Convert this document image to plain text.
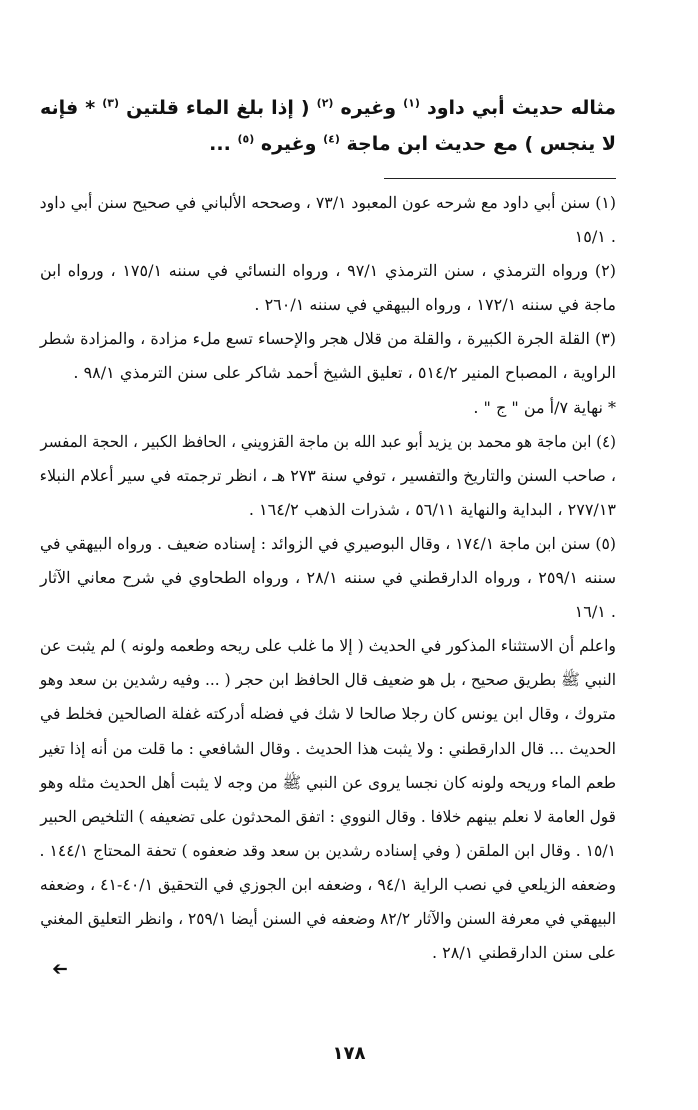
مثاله حديث أبي داود $^{(١)}$ وغيره $^{(٢)}$ ( إذا بلغ الماء قلتين $^{(٣)}$ * فإنه لا ينجس ) مع حديث ابن ماجة $^{(٤)}$ وغيره $^{(٥)}$ ...
(١) سنن أبي داود مع شرحه عون المعبود ٧٣/١ ، وصححه الألباني في صحيح سنن أبي داود
. ١٥/١
(٢) ورواه الترمذي ، سنن الترمذي ٩٧/١ ، ورواه النسائي في سننه ١٧٥/١ ، ورواه ابن
ماجة في سننه ١٧٢/١ ، ورواه البيهقي في سننه ٢٦٠/١ .
(٣) القلة الجرة الكبيرة ، والقلة من قلال هجر والإحساء تسع ملء مزادة ، والمزادة شطر
الراوية ، المصباح المنير ٥١٤/٢ ، تعليق الشيخ أحمد شاكر على سنن الترمذي ٩٨/١ .
* نهاية ٧/أ من " ج " .
(٤) ابن ماجة هو محمد بن يزيد أبو عبد الله بن ماجة القزويني ، الحافظ الكبير ، الحجة المفسر
، صاحب السنن والتاريخ والتفسير ، توفي سنة ٢٧٣ هـ ، انظر ترجمته في سير أعلام النبلاء
٢٧٧/١٣ ، البداية والنهاية ٥٦/١١ ، شذرات الذهب ١٦٤/٢ .
(٥) سنن ابن ماجة ١٧٤/١ ، وقال البوصيري في الزوائد : إسناده ضعيف . ورواه البيهقي في
سننه ٢٥٩/١ ، ورواه الدارقطني في سننه ٢٨/١ ، ورواه الطحاوي في شرح معاني الآثار
. ١٦/١
واعلم أن الاستثناء المذكور في الحديث ( إلا ما غلب على ريحه وطعمه ولونه ) لم يثبت عن
النبي ﷺ بطريق صحيح ، بل هو ضعيف قال الحافظ ابن حجر ( ... وفيه رشدين بن سعد وهو
متروك ، وقال ابن يونس كان رجلا صالحا لا شك في فضله أدركته غفلة الصالحين فخلط في
الحديث ... قال الدارقطني : ولا يثبت هذا الحديث . وقال الشافعي : ما قلت من أنه إذا تغير
طعم الماء وريحه ولونه كان نجسا يروى عن النبي ﷺ من وجه لا يثبت أهل الحديث مثله وهو
قول العامة لا نعلم بينهم خلافا . وقال النووي : اتفق المحدثون على تضعيفه ) التلخيص الحبير
١٥/١ . وقال ابن الملقن ( وفي إسناده رشدين بن سعد وقد ضعفوه ) تحفة المحتاج ١٤٤/١ .
وضعفه الزيلعي في نصب الراية ٩٤/١ ، وضعفه ابن الجوزي في التحقيق ٤٠/١-٤١ ، وضعفه
البيهقي في معرفة السنن والآثار ٨٢/٢ وضعفه في السنن أيضا ٢٥٩/١ ، وانظر التعليق المغني
على سنن الدارقطني ٢٨/١ .
➔
١٧٨
